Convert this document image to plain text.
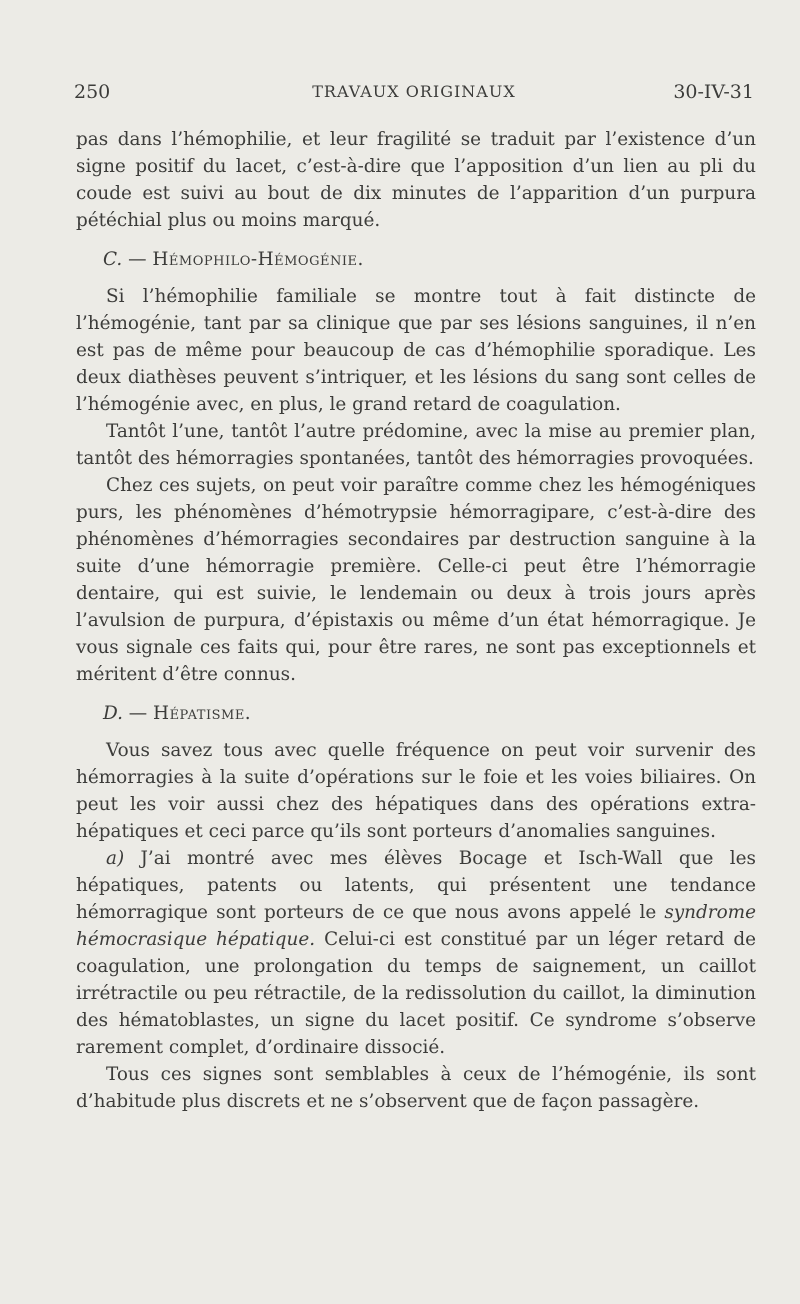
250	TRAVAUX ORIGINAUX	30-IV-31

pas dans l’hémophilie, et leur fragilité se traduit par l’existence d’un signe positif du lacet, c’est-à-dire que l’apposition d’un lien au pli du coude est suivi au bout de dix minutes de l’apparition d’un purpura pétéchial plus ou moins marqué.

C. — Hémophilo-Hémogénie.

Si l’hémophilie familiale se montre tout à fait distincte de l’hémogénie, tant par sa clinique que par ses lésions sanguines, il n’en est pas de même pour beaucoup de cas d’hémophilie sporadique. Les deux diathèses peuvent s’intriquer, et les lésions du sang sont celles de l’hémogénie avec, en plus, le grand retard de coagulation.

Tantôt l’une, tantôt l’autre prédomine, avec la mise au premier plan, tantôt des hémorragies spontanées, tantôt des hémorragies provoquées.

Chez ces sujets, on peut voir paraître comme chez les hémogéniques purs, les phénomènes d’hémotrypsie hémorragipare, c’est-à-dire des phénomènes d’hémorragies secondaires par destruction sanguine à la suite d’une hémorragie première. Celle-ci peut être l’hémorragie dentaire, qui est suivie, le lendemain ou deux à trois jours après l’avulsion de purpura, d’épistaxis ou même d’un état hémorragique. Je vous signale ces faits qui, pour être rares, ne sont pas exceptionnels et méritent d’être connus.

D. — Hépatisme.

Vous savez tous avec quelle fréquence on peut voir survenir des hémorragies à la suite d’opérations sur le foie et les voies biliaires. On peut les voir aussi chez des hépatiques dans des opérations extra-hépatiques et ceci parce qu’ils sont porteurs d’anomalies sanguines.

a) J’ai montré avec mes élèves Bocage et Isch-Wall que les hépatiques, patents ou latents, qui présentent une tendance hémorragique sont porteurs de ce que nous avons appelé le syndrome hémocrasique hépatique. Celui-ci est constitué par un léger retard de coagulation, une prolongation du temps de saignement, un caillot irrétractile ou peu rétractile, de la redissolution du caillot, la diminution des hématoblastes, un signe du lacet positif. Ce syndrome s’observe rarement complet, d’ordinaire dissocié.

Tous ces signes sont semblables à ceux de l’hémogénie, ils sont d’habitude plus discrets et ne s’observent que de façon passagère.
